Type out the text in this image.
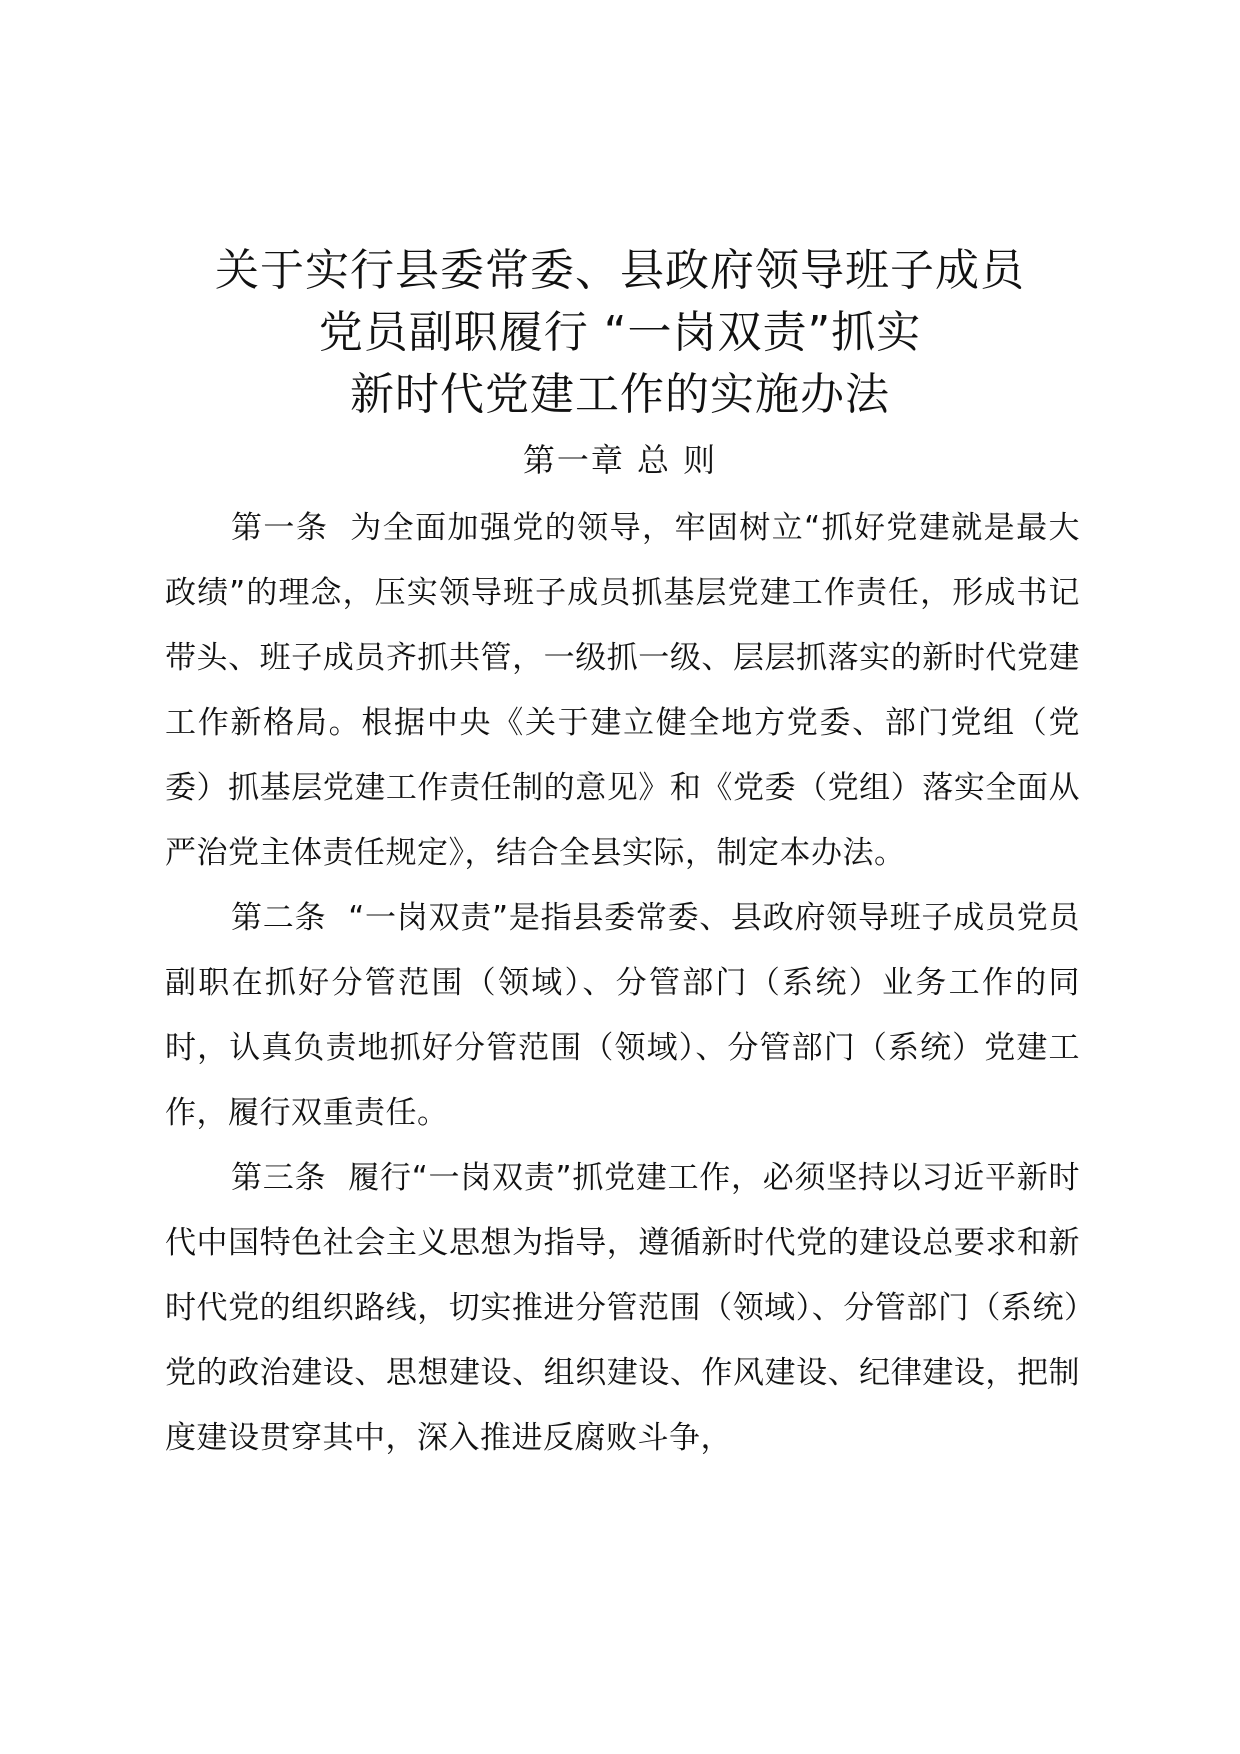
关于实行县委常委、县政府领导班子成员
党员副职履行 “一岗双责”抓实
新时代党建工作的实施办法
第一章 总 则

第一条 为全面加强党的领导，牢固树立“抓好党建就是最大政绩”的理念，压实领导班子成员抓基层党建工作责任，形成书记带头、班子成员齐抓共管，一级抓一级、层层抓落实的新时代党建工作新格局。根据中央《关于建立健全地方党委、部门党组（党委）抓基层党建工作责任制的意见》和《党委（党组）落实全面从严治党主体责任规定》，结合全县实际，制定本办法。

第二条 “一岗双责”是指县委常委、县政府领导班子成员党员副职在抓好分管范围（领域）、分管部门（系统）业务工作的同时，认真负责地抓好分管范围（领域）、分管部门（系统）党建工作，履行双重责任。

第三条 履行“一岗双责”抓党建工作，必须坚持以习近平新时代中国特色社会主义思想为指导，遵循新时代党的建设总要求和新时代党的组织路线，切实推进分管范围（领域）、分管部门（系统）党的政治建设、思想建设、组织建设、作风建设、纪律建设，把制度建设贯穿其中，深入推进反腐败斗争，
